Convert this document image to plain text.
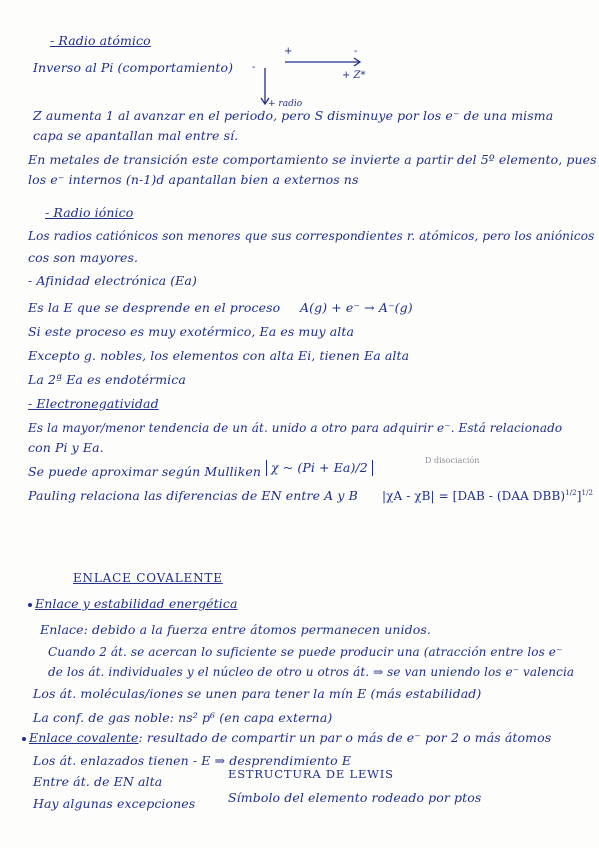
- Radio atómico
Inverso al Pi (comportamiento)
+	-
+ Z*
-
+ radio
Z aumenta 1 al avanzar en el periodo, pero S disminuye por los e⁻ de una misma
capa se apantallan mal entre sí.
En metales de transición este comportamiento se invierte a partir del 5º elemento, pues
los e⁻ internos (n-1)d apantallan bien a externos ns
- Radio iónico
Los radios catiónicos son menores que sus correspondientes r. atómicos, pero los aniónicos
cos son mayores.
- Afinidad electrónica (Ea)
Es la E que se desprende en el proceso A(g) + e⁻ → A⁻(g)
Si este proceso es muy exotérmico, Ea es muy alta
Excepto g. nobles, los elementos con alta Ei, tienen Ea alta
La 2ª Ea es endotérmica
- Electronegatividad
Es la mayor/menor tendencia de un át. unido a otro para adquirir e⁻. Está relacionado
con Pi y Ea.
Se puede aproximar según Mulliken χ ~ (Pi + Ea)/2	D disociación
Pauling relaciona las diferencias de EN entre A y B |χA - χB| = [DAB - (DAA DBB)$^{1/2}$]$^{1/2}$
ENLACE COVALENTE
Enlace y estabilidad energética
Enlace: debido a la fuerza entre átomos permanecen unidos.
Cuando 2 át. se acercan lo suficiente se puede producir una (atracción entre los e⁻
de los át. individuales y el núcleo de otro u otros át. ⇒ se van uniendo los e⁻ valencia
Los át. moléculas/iones se unen para tener la mín E (más estabilidad)
La conf. de gas noble: ns² p⁶ (en capa externa)
Enlace covalente: resultado de compartir un par o más de e⁻ por 2 o más átomos
Los át. enlazados tienen - E ⇒ desprendimiento E
Entre át. de EN alta	ESTRUCTURA DE LEWIS
Hay algunas excepciones	Símbolo del elemento rodeado por ptos
